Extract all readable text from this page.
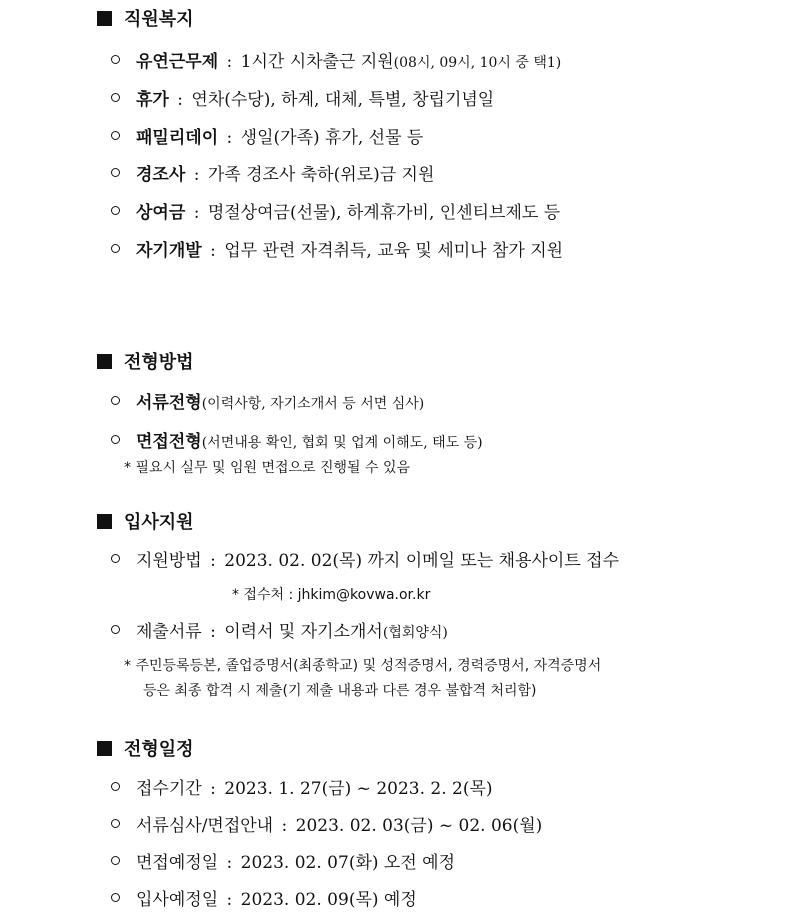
직원복지
유연근무제 : 1시간 시차출근 지원(08시, 09시, 10시 중 택1)
휴가 : 연차(수당), 하계, 대체, 특별, 창립기념일
패밀리데이 : 생일(가족) 휴가, 선물 등
경조사 : 가족 경조사 축하(위로)금 지원
상여금 : 명절상여금(선물), 하계휴가비, 인센티브제도 등
자기개발 : 업무 관련 자격취득, 교육 및 세미나 참가 지원
전형방법
서류전형(이력사항, 자기소개서 등 서면 심사)
면접전형(서면내용 확인, 협회 및 업계 이해도, 태도 등)
* 필요시 실무 및 임원 면접으로 진행될 수 있음
입사지원
지원방법 : 2023. 02. 02(목) 까지 이메일 또는 채용사이트 접수
* 접수처 : jhkim@kovwa.or.kr
제출서류 : 이력서 및 자기소개서(협회양식)
* 주민등록등본, 졸업증명서(최종학교) 및 성적증명서, 경력증명서, 자격증명서
등은 최종 합격 시 제출(기 제출 내용과 다른 경우 불합격 처리함)
전형일정
접수기간 : 2023. 1. 27(금) ~ 2023. 2. 2(목)
서류심사/면접안내 : 2023. 02. 03(금) ~ 02. 06(월)
면접예정일 : 2023. 02. 07(화) 오전 예정
입사예정일 : 2023. 02. 09(목) 예정
